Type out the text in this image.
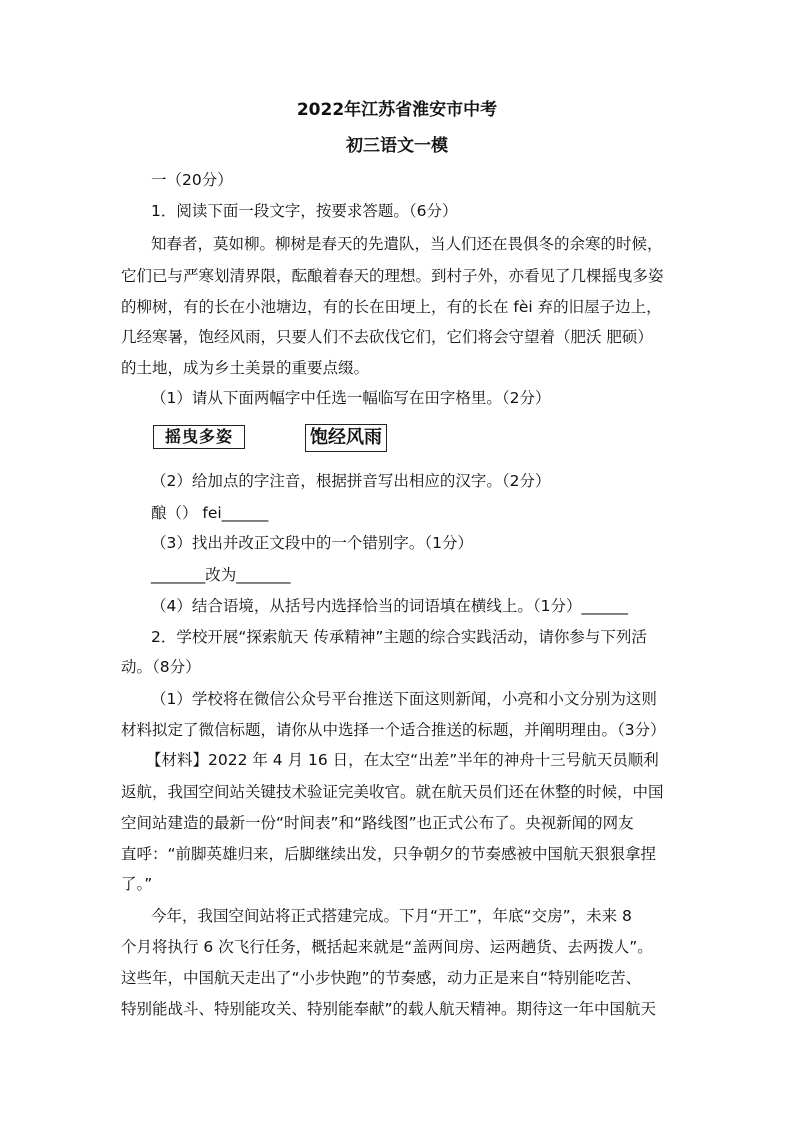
2022年江苏省淮安市中考
初三语文一模
一（20分）
1．阅读下面一段文字，按要求答题。（6分）
知春者，莫如柳。柳树是春天的先遣队，当人们还在畏俱冬的余寒的时候，
它们已与严寒划清界限，酝酿着春天的理想。到村子外，亦看见了几棵摇曳多姿
的柳树，有的长在小池塘边，有的长在田埂上，有的长在 fèi 弃的旧屋子边上，
几经寒暑，饱经风雨，只要人们不去砍伐它们，它们将会守望着（肥沃 肥硕）
的土地，成为乡土美景的重要点缀。
（1）请从下面两幅字中任选一幅临写在田字格里。（2分）
摇曳多姿	饱经风雨
（2）给加点的字注音，根据拼音写出相应的汉字。（2分）
酿（） fei______
（3）找出并改正文段中的一个错别字。（1分）
_______改为_______
（4）结合语境，从括号内选择恰当的词语填在横线上。（1分）______
2．学校开展“探索航天 传承精神”主题的综合实践活动，请你参与下列活
动。（8分）
（1）学校将在微信公众号平台推送下面这则新闻，小亮和小文分别为这则
材料拟定了微信标题，请你从中选择一个适合推送的标题，并阐明理由。（3分）
【材料】2022 年 4 月 16 日，在太空“出差”半年的神舟十三号航天员顺利
返航，我国空间站关键技术验证完美收官。就在航天员们还在休整的时候，中国
空间站建造的最新一份“时间表”和“路线图”也正式公布了。央视新闻的网友
直呼：“前脚英雄归来，后脚继续出发，只争朝夕的节奏感被中国航天狠狠拿捏
了。”
今年，我国空间站将正式搭建完成。下月“开工”，年底“交房”，未来 8
个月将执行 6 次飞行任务，概括起来就是“盖两间房、运两趟货、去两拨人”。
这些年，中国航天走出了“小步快跑”的节奏感，动力正是来自“特别能吃苦、
特别能战斗、特别能攻关、特别能奉献”的载人航天精神。期待这一年中国航天
